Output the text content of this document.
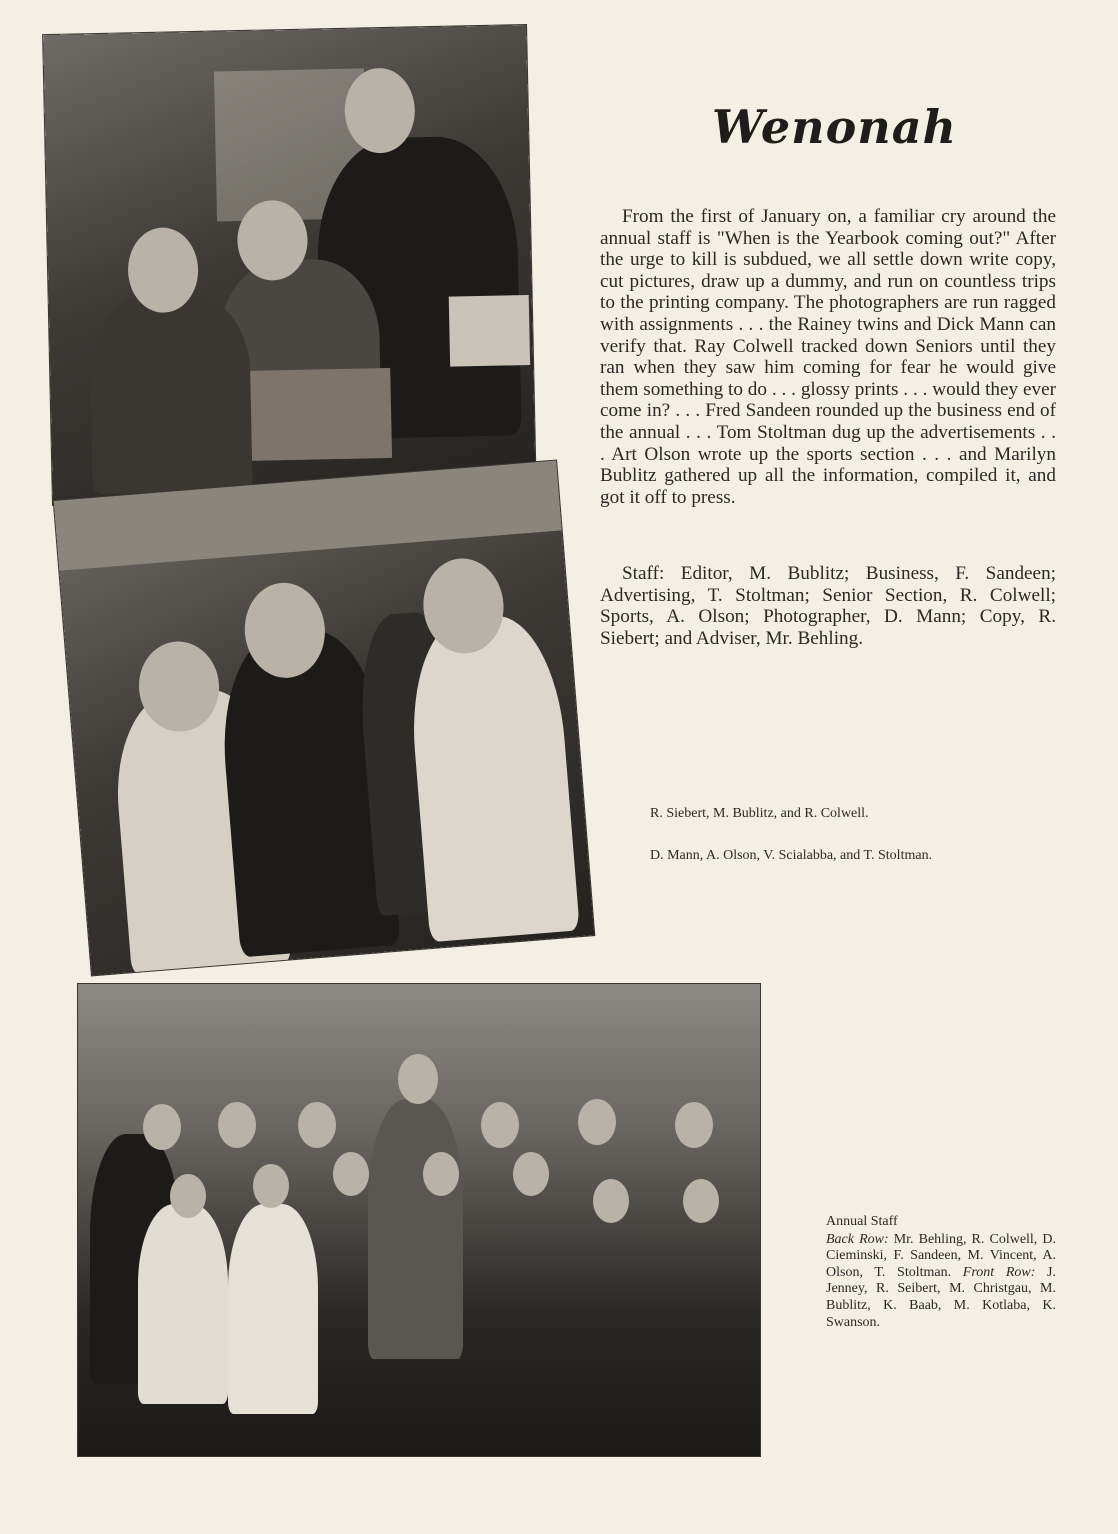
Wenonah

From the first of January on, a familiar cry around the annual staff is "When is the Yearbook coming out?" After the urge to kill is subdued, we all settle down write copy, cut pictures, draw up a dummy, and run on countless trips to the printing company. The photographers are run ragged with assignments . . . the Rainey twins and Dick Mann can verify that. Ray Colwell tracked down Seniors until they ran when they saw him coming for fear he would give them something to do . . . glossy prints . . . would they ever come in? . . . Fred Sandeen rounded up the business end of the annual . . . Tom Stoltman dug up the advertisements . . . Art Olson wrote up the sports section . . . and Marilyn Bublitz gathered up all the information, compiled it, and got it off to press.

Staff: Editor, M. Bublitz; Business, F. Sandeen; Advertising, T. Stoltman; Senior Section, R. Colwell; Sports, A. Olson; Photographer, D. Mann; Copy, R. Siebert; and Adviser, Mr. Behling.

R. Siebert, M. Bublitz, and R. Colwell.
D. Mann, A. Olson, V. Scialabba, and T. Stoltman.
Annual Staff
Back Row: Mr. Behling, R. Colwell, D. Cieminski, F. Sandeen, M. Vincent, A. Olson, T. Stoltman. Front Row: J. Jenney, R. Seibert, M. Christgau, M. Bublitz, K. Baab, M. Kotlaba, K. Swanson.
